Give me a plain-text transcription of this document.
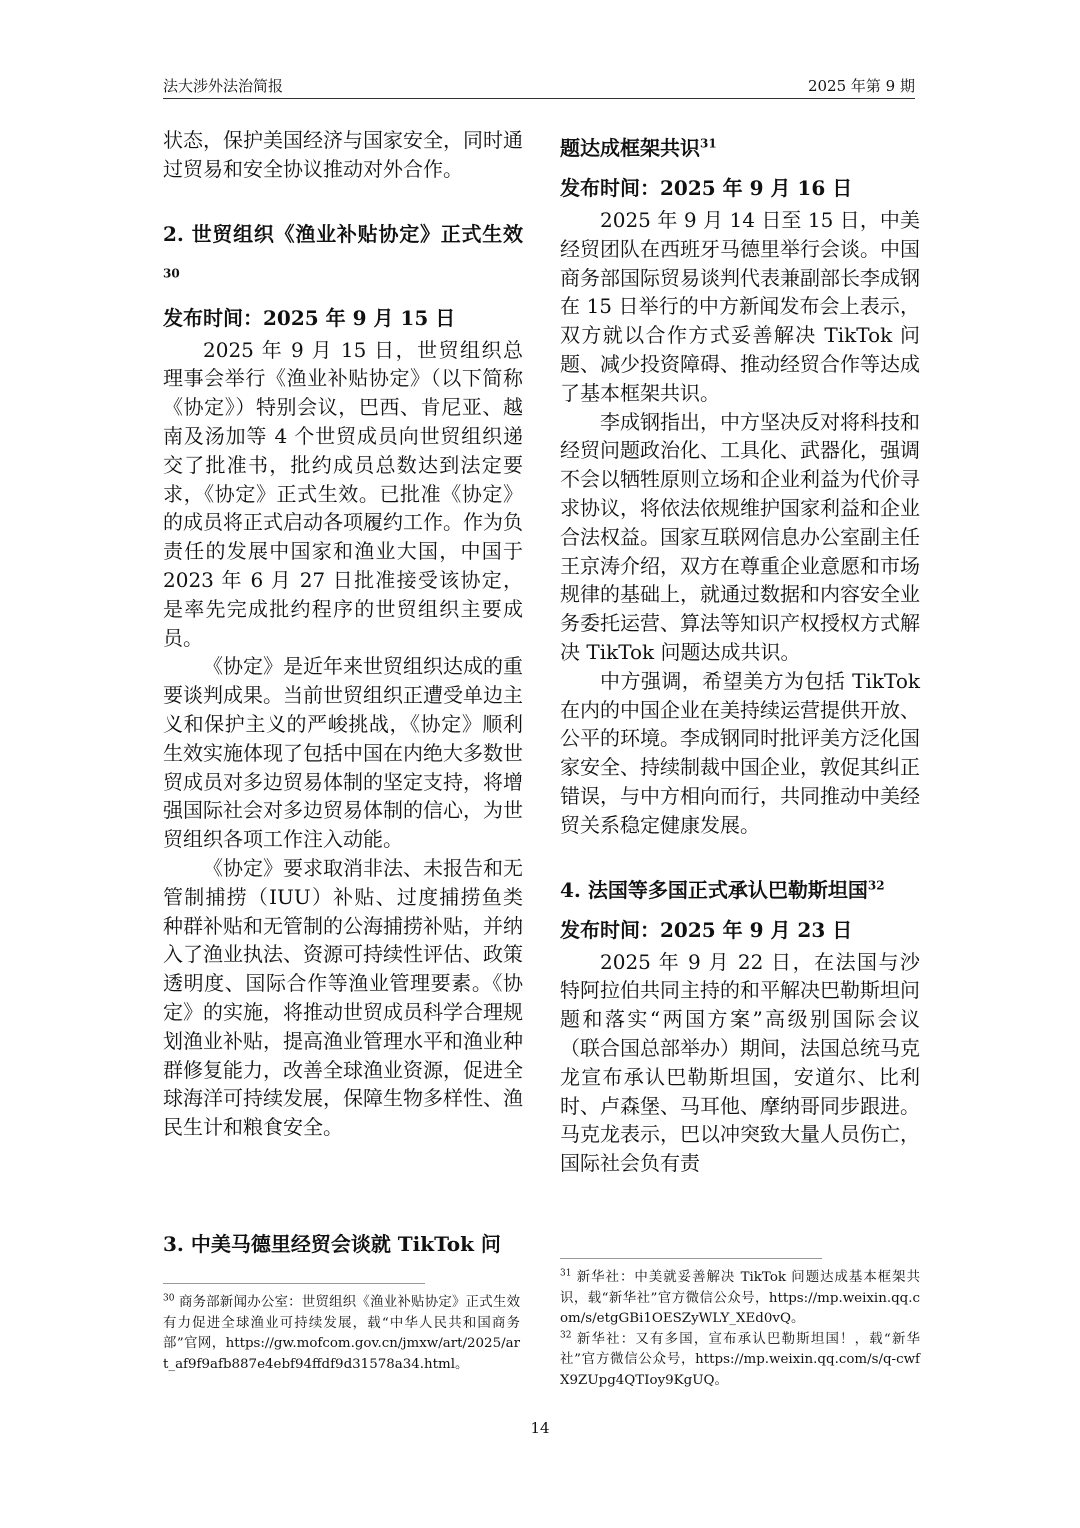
法大涉外法治简报	2025 年第 9 期

状态，保护美国经济与国家安全，同时通过贸易和安全协议推动对外合作。

2. 世贸组织《渔业补贴协定》正式生效$^{30}$

发布时间：2025 年 9 月 15 日

2025 年 9 月 15 日，世贸组织总理事会举行《渔业补贴协定》（以下简称《协定》）特别会议，巴西、肯尼亚、越南及汤加等 4 个世贸成员向世贸组织递交了批准书，批约成员总数达到法定要求，《协定》正式生效。已批准《协定》的成员将正式启动各项履约工作。作为负责任的发展中国家和渔业大国，中国于 2023 年 6 月 27 日批准接受该协定，是率先完成批约程序的世贸组织主要成员。

《协定》是近年来世贸组织达成的重要谈判成果。当前世贸组织正遭受单边主义和保护主义的严峻挑战，《协定》顺利生效实施体现了包括中国在内绝大多数世贸成员对多边贸易体制的坚定支持，将增强国际社会对多边贸易体制的信心，为世贸组织各项工作注入动能。

《协定》要求取消非法、未报告和无管制捕捞（IUU）补贴、过度捕捞鱼类种群补贴和无管制的公海捕捞补贴，并纳入了渔业执法、资源可持续性评估、政策透明度、国际合作等渔业管理要素。《协定》的实施，将推动世贸成员科学合理规划渔业补贴，提高渔业管理水平和渔业种群修复能力，改善全球渔业资源，促进全球海洋可持续发展，保障生物多样性、渔民生计和粮食安全。

3. 中美马德里经贸会谈就 TikTok 问
题达成框架共识$^{31}$

发布时间：2025 年 9 月 16 日

2025 年 9 月 14 日至 15 日，中美经贸团队在西班牙马德里举行会谈。中国商务部国际贸易谈判代表兼副部长李成钢在 15 日举行的中方新闻发布会上表示，双方就以合作方式妥善解决 TikTok 问题、减少投资障碍、推动经贸合作等达成了基本框架共识。

李成钢指出，中方坚决反对将科技和经贸问题政治化、工具化、武器化，强调不会以牺牲原则立场和企业利益为代价寻求协议，将依法依规维护国家利益和企业合法权益。国家互联网信息办公室副主任王京涛介绍，双方在尊重企业意愿和市场规律的基础上，就通过数据和内容安全业务委托运营、算法等知识产权授权方式解决 TikTok 问题达成共识。

中方强调，希望美方为包括 TikTok 在内的中国企业在美持续运营提供开放、公平的环境。李成钢同时批评美方泛化国家安全、持续制裁中国企业，敦促其纠正错误，与中方相向而行，共同推动中美经贸关系稳定健康发展。

4. 法国等多国正式承认巴勒斯坦国$^{32}$

发布时间：2025 年 9 月 23 日

2025 年 9 月 22 日，在法国与沙特阿拉伯共同主持的和平解决巴勒斯坦问题和落实“两国方案”高级别国际会议（联合国总部举办）期间，法国总统马克龙宣布承认巴勒斯坦国，安道尔、比利时、卢森堡、马耳他、摩纳哥同步跟进。马克龙表示，巴以冲突致大量人员伤亡，国际社会负有责

$^{30}$ 商务部新闻办公室：世贸组织《渔业补贴协定》正式生效 有力促进全球渔业可持续发展，载“中华人民共和国商务部”官网，https://gw.mofcom.gov.cn/jmxw/art/2025/art_af9f9afb887e4ebf94ffdf9d31578a34.html。
$^{31}$ 新华社：中美就妥善解决 TikTok 问题达成基本框架共识，载“新华社”官方微信公众号，https://mp.weixin.qq.com/s/etgGBi1OESZyWLY_XEd0vQ。
$^{32}$ 新华社：又有多国，宣布承认巴勒斯坦国！，载“新华社”官方微信公众号，https://mp.weixin.qq.com/s/q-cwfX9ZUpg4QTIoy9KgUQ。
14
